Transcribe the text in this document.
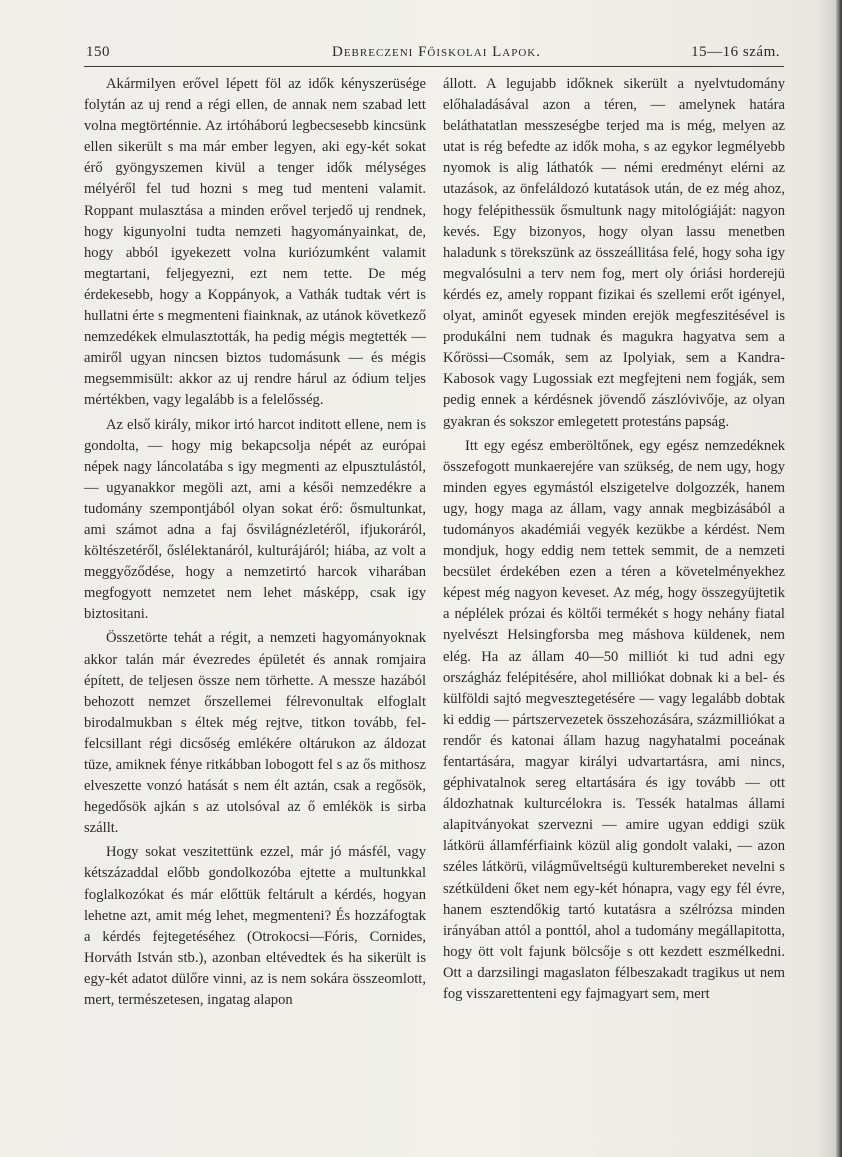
150	Debreczeni Főiskolai Lapok.	15—16 szám.

Akármilyen erővel lépett föl az idők kényszerüsége folytán az uj rend a régi ellen, de annak nem szabad lett volna megtörténnie. Az irtóháború legbecsesebb kincsünk ellen sikerült s ma már ember legyen, aki egy-két sokat érő gyöngyszemen kivül a tenger idők mélységes mélyéről fel tud hozni s meg tud menteni valamit. Roppant mulasztása a minden erővel terjedő uj rendnek, hogy kigunyolni tudta nemzeti hagyományainkat, de, hogy abból igyekezett volna kuriózumként valamit megtartani, feljegyezni, ezt nem tette. De még érdekesebb, hogy a Koppányok, a Vathák tudtak vért is hullatni érte s megmenteni fiainknak, az utánok következő nemzedékek elmulasztották, ha pedig mégis megtették — amiről ugyan nincsen biztos tudomásunk — és mégis megsemmisült: akkor az uj rendre hárul az ódium teljes mértékben, vagy legalább is a felelősség.

Az első király, mikor irtó harcot inditott ellene, nem is gondolta, — hogy mig bekapcsolja népét az európai népek nagy láncolatába s igy megmenti az elpusztulástól, — ugyanakkor megöli azt, ami a késői nemzedékre a tudomány szempontjából olyan sokat érő: ősmultunkat, ami számot adna a faj ősvilágnézletéről, ifjukoráról, költészetéről, őslélektanáról, kulturájáról; hiába, az volt a meggyőződése, hogy a nemzetirtó harcok viharában megfogyott nemzetet nem lehet másképp, csak igy biztositani.

Összetörte tehát a régit, a nemzeti hagyományoknak akkor talán már évezredes épületét és annak romjaira épített, de teljesen össze nem törhette. A messze hazából behozott nemzet őrszellemei félrevonultak elfoglalt birodalmukban s éltek még rejtve, titkon tovább, fel-felcsillant régi dicsőség emlékére oltárukon az áldozat tüze, amiknek fénye ritkábban lobogott fel s az ős mithosz elveszette vonzó hatását s nem élt aztán, csak a regősök, hegedősök ajkán s az utolsóval az ő emlékök is sirba szállt.

Hogy sokat veszitettünk ezzel, már jó másfél, vagy kétszázaddal előbb gondolkozóba ejtette a multunkkal foglalkozókat és már előttük feltárult a kérdés, hogyan lehetne azt, amit még lehet, megmenteni? És hozzáfogtak a kérdés fejtegetéséhez (Otrokocsi—Fóris, Cornides, Horváth István stb.), azonban eltévedtek és ha sikerült is egy-két adatot dülőre vinni, az is nem sokára összeomlott, mert, természetesen, ingatag alapon

állott. A legujabb időknek sikerült a nyelvtudomány előhaladásával azon a téren, — amelynek határa beláthatatlan messzeségbe terjed ma is még, melyen az utat is rég befedte az idők moha, s az egykor legmélyebb nyomok is alig láthatók — némi eredményt elérni az utazások, az önfeláldozó kutatások után, de ez még ahoz, hogy felépithessük ősmultunk nagy mitológiáját: nagyon kevés. Egy bizonyos, hogy olyan lassu menetben haladunk s törekszünk az összeállitása felé, hogy soha igy megvalósulni a terv nem fog, mert oly óriási horderejü kérdés ez, amely roppant fizikai és szellemi erőt igényel, olyat, aminőt egyesek minden erejök megfeszitésével is produkálni nem tudnak és magukra hagyatva sem a Kőrössi—Csomák, sem az Ipolyiak, sem a Kandra-Kabosok vagy Lugossiak ezt megfejteni nem fogják, sem pedig ennek a kérdésnek jövendő zászlóvivője, az olyan gyakran és sokszor emlegetett protestáns papság.

Itt egy egész emberöltőnek, egy egész nemzedéknek összefogott munkaerejére van szükség, de nem ugy, hogy minden egyes egymástól elszigetelve dolgozzék, hanem ugy, hogy maga az állam, vagy annak megbizásából a tudományos akadémiái vegyék kezükbe a kérdést. Nem mondjuk, hogy eddig nem tettek semmit, de a nemzeti becsület érdekében ezen a téren a követelményekhez képest még nagyon keveset. Az még, hogy összegyüjtetik a néplélek prózai és költői termékét s hogy nehány fiatal nyelvészt Helsingforsba meg máshova küldenek, nem elég. Ha az állam 40—50 milliót ki tud adni egy országház felépitésére, ahol milliókat dobnak ki a bel- és külföldi sajtó megvesztegetésére — vagy legalább dobtak ki eddig — pártszervezetek összehozására, százmilliókat a rendőr és katonai állam hazug nagyhatalmi poceának fentartására, magyar királyi udvartartásra, ami nincs, géphivatalnok sereg eltartására és igy tovább — ott áldozhatnak kulturcélokra is. Tessék hatalmas állami alapitványokat szervezni — amire ugyan eddigi szük látkörü államférfiaink közül alig gondolt valaki, — azon széles látkörü, világműveltségü kulturembereket nevelni s szétküldeni őket nem egy-két hónapra, vagy egy fél évre, hanem esztendőkig tartó kutatásra a szélrózsa minden irányában attól a ponttól, ahol a tudomány megállapitotta, hogy ött volt fajunk bölcsője s ott kezdett eszmélkedni. Ott a darzsilingi magaslaton félbeszakadt tragikus ut nem fog visszarettenteni egy fajmagyart sem, mert
